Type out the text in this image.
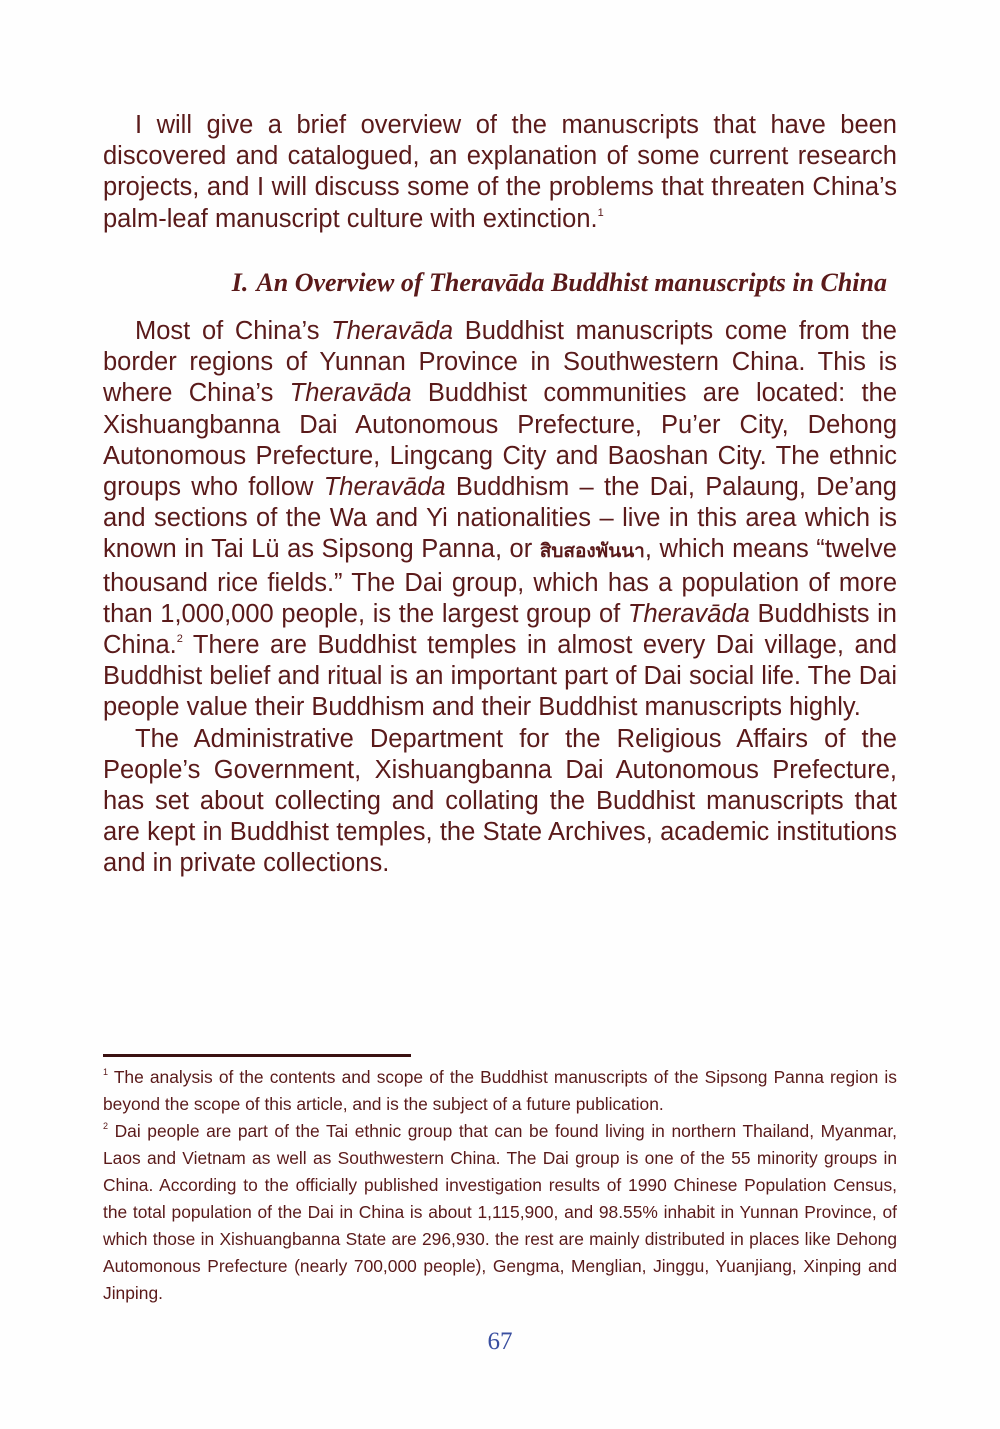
I will give a brief overview of the manuscripts that have been discovered and catalogued, an explanation of some current research projects, and I will discuss some of the problems that threaten China’s palm-leaf manuscript culture with extinction.$^1$

I. An Overview of Theravāda Buddhist manuscripts in China

Most of China’s Theravāda Buddhist manuscripts come from the border regions of Yunnan Province in Southwestern China. This is where China’s Theravāda Buddhist communities are located: the Xishuangbanna Dai Autonomous Prefecture, Pu’er City, Dehong Autonomous Prefecture, Lingcang City and Baoshan City. The ethnic groups who follow Theravāda Buddhism – the Dai, Palaung, De’ang and sections of the Wa and Yi nationalities – live in this area which is known in Tai Lü as Sipsong Panna, or สิบสองพันนา, which means “twelve thousand rice fields.” The Dai group, which has a population of more than 1,000,000 people, is the largest group of Theravāda Buddhists in China.$^2$ There are Buddhist temples in almost every Dai village, and Buddhist belief and ritual is an important part of Dai social life. The Dai people value their Buddhism and their Buddhist manuscripts highly.

The Administrative Department for the Religious Affairs of the People’s Government, Xishuangbanna Dai Autonomous Prefecture, has set about collecting and collating the Buddhist manuscripts that are kept in Buddhist temples, the State Archives, academic institutions and in private collections.

$^1$ The analysis of the contents and scope of the Buddhist manuscripts of the Sipsong Panna region is beyond the scope of this article, and is the subject of a future publication.

$^2$ Dai people are part of the Tai ethnic group that can be found living in northern Thailand, Myanmar, Laos and Vietnam as well as Southwestern China. The Dai group is one of the 55 minority groups in China. According to the officially published investigation results of 1990 Chinese Population Census, the total population of the Dai in China is about 1,115,900, and 98.55% inhabit in Yunnan Province, of which those in Xishuangbanna State are 296,930. the rest are mainly distributed in places like Dehong Automonous Prefecture (nearly 700,000 people), Gengma, Menglian, Jinggu, Yuanjiang, Xinping and Jinping.

67
